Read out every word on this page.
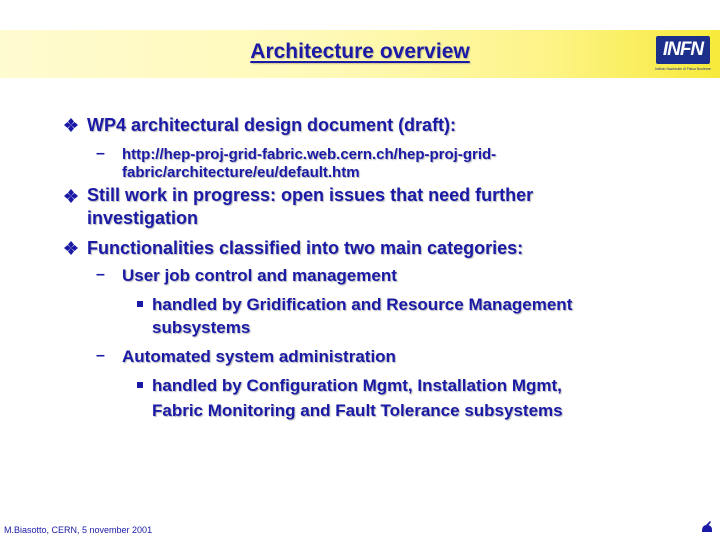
Architecture overview	INFN
Istituto Nazionale di Fisica Nucleare
WP4 architectural design document (draft):
– http://hep-proj-grid-fabric.web.cern.ch/hep-proj-grid-
fabric/architecture/eu/default.htm
Still work in progress: open issues that need further
investigation
Functionalities classified into two main categories:
– User job control and management
handled by Gridification and Resource Management
subsystems
– Automated system administration
handled by Configuration Mgmt, Installation Mgmt,
Fabric Monitoring and Fault Tolerance subsystems
M.Biasotto, CERN, 5 november 2001
